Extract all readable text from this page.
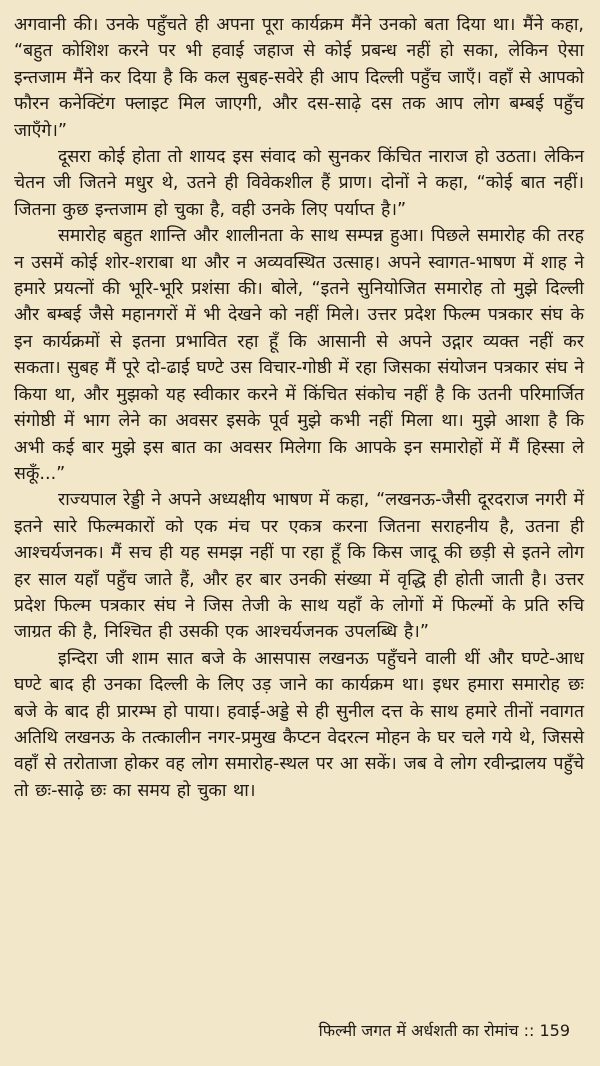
अगवानी की। उनके पहुँचते ही अपना पूरा कार्यक्रम मैंने उनको बता दिया था। मैंने कहा, “बहुत कोशिश करने पर भी हवाई जहाज से कोई प्रबन्ध नहीं हो सका, लेकिन ऐसा इन्तजाम मैंने कर दिया है कि कल सुबह-सवेरे ही आप दिल्ली पहुँच जाएँ। वहाँ से आपको फौरन कनेक्टिंग फ्लाइट मिल जाएगी, और दस-साढ़े दस तक आप लोग बम्बई पहुँच जाएँगे।”

दूसरा कोई होता तो शायद इस संवाद को सुनकर किंचित नाराज हो उठता। लेकिन चेतन जी जितने मधुर थे, उतने ही विवेकशील हैं प्राण। दोनों ने कहा, “कोई बात नहीं। जितना कुछ इन्तजाम हो चुका है, वही उनके लिए पर्याप्त है।”

समारोह बहुत शान्ति और शालीनता के साथ सम्पन्न हुआ। पिछले समारोह की तरह न उसमें कोई शोर-शराबा था और न अव्यवस्थित उत्साह। अपने स्वागत-भाषण में शाह ने हमारे प्रयत्नों की भूरि-भूरि प्रशंसा की। बोले, “इतने सुनियोजित समारोह तो मुझे दिल्ली और बम्बई जैसे महानगरों में भी देखने को नहीं मिले। उत्तर प्रदेश फिल्म पत्रकार संघ के इन कार्यक्रमों से इतना प्रभावित रहा हूँ कि आसानी से अपने उद्गार व्यक्त नहीं कर सकता। सुबह मैं पूरे दो-ढाई घण्टे उस विचार-गोष्ठी में रहा जिसका संयोजन पत्रकार संघ ने किया था, और मुझको यह स्वीकार करने में किंचित संकोच नहीं है कि उतनी परिमार्जित संगोष्ठी में भाग लेने का अवसर इसके पूर्व मुझे कभी नहीं मिला था। मुझे आशा है कि अभी कई बार मुझे इस बात का अवसर मिलेगा कि आपके इन समारोहों में मैं हिस्सा ले सकूँ...”

राज्यपाल रेड्डी ने अपने अध्यक्षीय भाषण में कहा, “लखनऊ-जैसी दूरदराज नगरी में इतने सारे फिल्मकारों को एक मंच पर एकत्र करना जितना सराहनीय है, उतना ही आश्चर्यजनक। मैं सच ही यह समझ नहीं पा रहा हूँ कि किस जादू की छड़ी से इतने लोग हर साल यहाँ पहुँच जाते हैं, और हर बार उनकी संख्या में वृद्धि ही होती जाती है। उत्तर प्रदेश फिल्म पत्रकार संघ ने जिस तेजी के साथ यहाँ के लोगों में फिल्मों के प्रति रुचि जाग्रत की है, निश्चित ही उसकी एक आश्चर्यजनक उपलब्धि है।”

इन्दिरा जी शाम सात बजे के आसपास लखनऊ पहुँचने वाली थीं और घण्टे-आध घण्टे बाद ही उनका दिल्ली के लिए उड़ जाने का कार्यक्रम था। इधर हमारा समारोह छः बजे के बाद ही प्रारम्भ हो पाया। हवाई-अड्डे से ही सुनील दत्त के साथ हमारे तीनों नवागत अतिथि लखनऊ के तत्कालीन नगर-प्रमुख कैप्टन वेदरत्न मोहन के घर चले गये थे, जिससे वहाँ से तरोताजा होकर वह लोग समारोह-स्थल पर आ सकें। जब वे लोग रवीन्द्रालय पहुँचे तो छः-साढ़े छः का समय हो चुका था।

फिल्मी जगत में अर्धशती का रोमांच :: 159
